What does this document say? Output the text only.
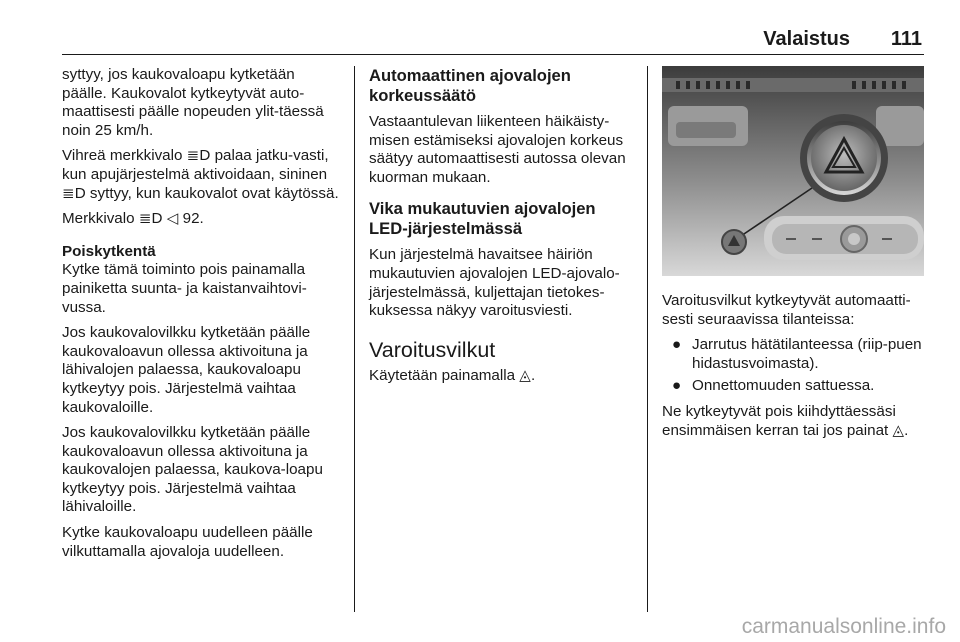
Valaistus 111

syttyy, jos kaukovaloapu kytketään päälle. Kaukovalot kytkeytyvät auto-maattisesti päälle nopeuden ylit-täessä noin 25 km/h.

Vihreä merkkivalo ≣D palaa jatku-vasti, kun apujärjestelmä aktivoidaan, sininen ≣D syttyy, kun kaukovalot ovat käytössä.

Merkkivalo ≣D ◁ 92.

Poiskytkentä

Kytke tämä toiminto pois painamalla painiketta suunta- ja kaistanvaihtovi-vussa.

Jos kaukovalovilkku kytketään päälle kaukovaloavun ollessa aktivoituna ja lähivalojen palaessa, kaukovaloapu kytkeytyy pois. Järjestelmä vaihtaa kaukovaloille.

Jos kaukovalovilkku kytketään päälle kaukovaloavun ollessa aktivoituna ja kaukovalojen palaessa, kaukova-loapu kytkeytyy pois. Järjestelmä vaihtaa lähivaloille.

Kytke kaukovaloapu uudelleen päälle vilkuttamalla ajovaloja uudelleen.

Automaattinen ajovalojen korkeussäätö

Vastaantulevan liikenteen häikäisty-misen estämiseksi ajovalojen korkeus säätyy automaattisesti autossa olevan kuorman mukaan.

Vika mukautuvien ajovalojen LED-järjestelmässä

Kun järjestelmä havaitsee häiriön mukautuvien ajovalojen LED-ajovalo-järjestelmässä, kuljettajan tietokes-kuksessa näkyy varoitusviesti.

Varoitusvilkut

Käytetään painamalla ◬.

Varoitusvilkut kytkeytyvät automaatti-sesti seuraavissa tilanteissa:

● Jarrutus hätätilanteessa (riip-puen hidastusvoimasta).
● Onnettomuuden sattuessa.

Ne kytkeytyvät pois kiihdyttäessäsi ensimmäisen kerran tai jos painat ◬.

carmanualsonline.info
